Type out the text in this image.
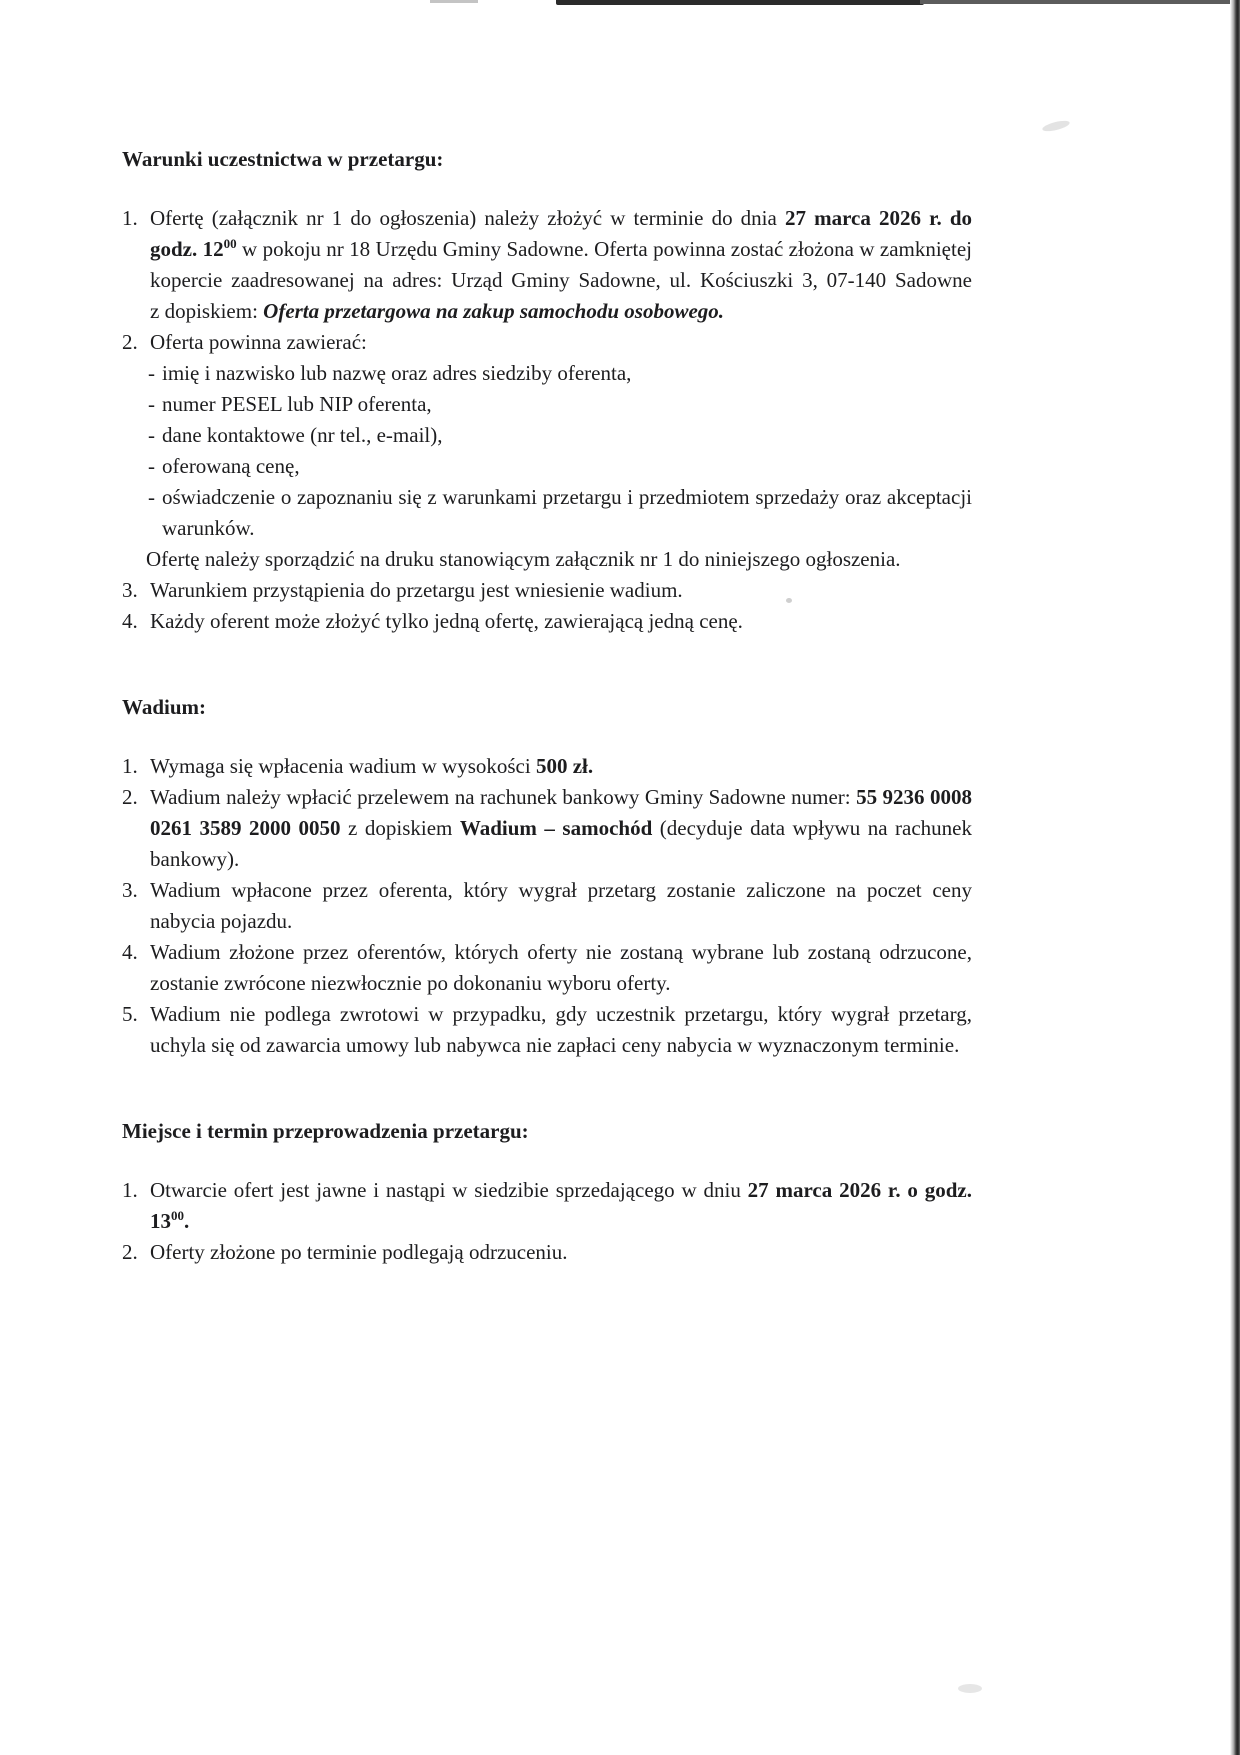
Warunki uczestnictwa w przetargu:
1. Ofertę (załącznik nr 1 do ogłoszenia) należy złożyć w terminie do dnia 27 marca 2026 r. do godz. $12^{00}$ w pokoju nr 18 Urzędu Gminy Sadowne. Oferta powinna zostać złożona w zamkniętej kopercie zaadresowanej na adres: Urząd Gminy Sadowne, ul. Kościuszki 3, 07-140 Sadowne z dopiskiem: Oferta przetargowa na zakup samochodu osobowego.
2. Oferta powinna zawierać:
- imię i nazwisko lub nazwę oraz adres siedziby oferenta,
- numer PESEL lub NIP oferenta,
- dane kontaktowe (nr tel., e-mail),
- oferowaną cenę,
- oświadczenie o zapoznaniu się z warunkami przetargu i przedmiotem sprzedaży oraz akceptacji warunków.
Ofertę należy sporządzić na druku stanowiącym załącznik nr 1 do niniejszego ogłoszenia.
3. Warunkiem przystąpienia do przetargu jest wniesienie wadium.
4. Każdy oferent może złożyć tylko jedną ofertę, zawierającą jedną cenę.
Wadium:
1. Wymaga się wpłacenia wadium w wysokości 500 zł.
2. Wadium należy wpłacić przelewem na rachunek bankowy Gminy Sadowne numer: 55 9236 0008 0261 3589 2000 0050 z dopiskiem Wadium – samochód (decyduje data wpływu na rachunek bankowy).
3. Wadium wpłacone przez oferenta, który wygrał przetarg zostanie zaliczone na poczet ceny nabycia pojazdu.
4. Wadium złożone przez oferentów, których oferty nie zostaną wybrane lub zostaną odrzucone, zostanie zwrócone niezwłocznie po dokonaniu wyboru oferty.
5. Wadium nie podlega zwrotowi w przypadku, gdy uczestnik przetargu, który wygrał przetarg, uchyla się od zawarcia umowy lub nabywca nie zapłaci ceny nabycia w wyznaczonym terminie.
Miejsce i termin przeprowadzenia przetargu:
1. Otwarcie ofert jest jawne i nastąpi w siedzibie sprzedającego w dniu 27 marca 2026 r. o godz. $13^{00}$.
2. Oferty złożone po terminie podlegają odrzuceniu.
